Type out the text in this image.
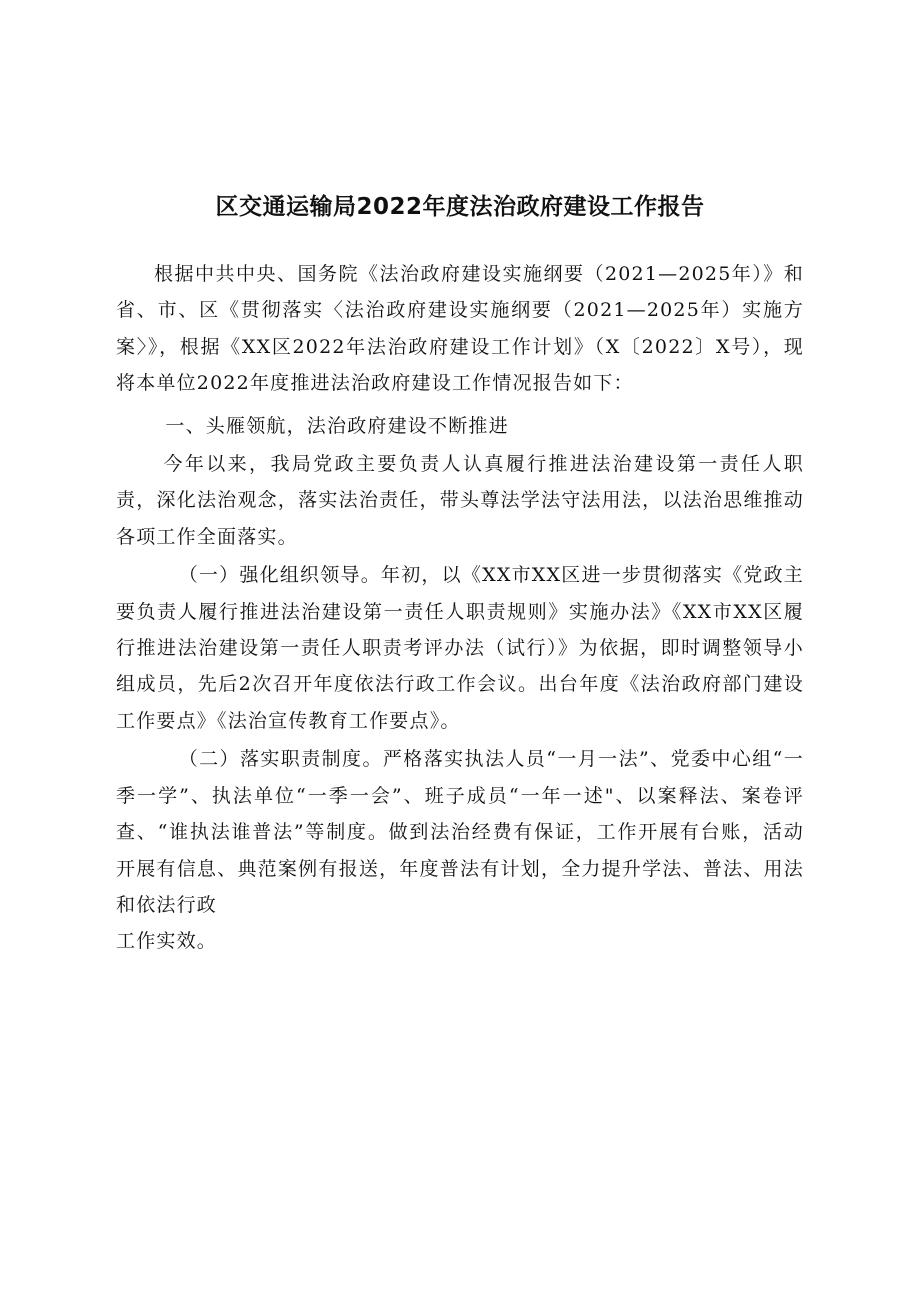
区交通运输局2022年度法治政府建设工作报告

根据中共中央、国务院《法治政府建设实施纲要（2021—2025年）》和省、市、区《贯彻落实〈法治政府建设实施纲要（2021—2025年）实施方案〉》，根据《XX区2022年法治政府建设工作计划》（X〔2022〕X号），现将本单位2022年度推进法治政府建设工作情况报告如下：

一、头雁领航，法治政府建设不断推进

今年以来，我局党政主要负责人认真履行推进法治建设第一责任人职责，深化法治观念，落实法治责任，带头尊法学法守法用法，以法治思维推动各项工作全面落实。

（一）强化组织领导。年初，以《XX市XX区进一步贯彻落实《党政主要负责人履行推进法治建设第一责任人职责规则》实施办法》《XX市XX区履行推进法治建设第一责任人职责考评办法（试行）》为依据，即时调整领导小组成员，先后2次召开年度依法行政工作会议。出台年度《法治政府部门建设工作要点》《法治宣传教育工作要点》。

（二）落实职责制度。严格落实执法人员“一月一法”、党委中心组“一季一学”、执法单位“一季一会”、班子成员“一年一述"、以案释法、案卷评查、“谁执法谁普法”等制度。做到法治经费有保证，工作开展有台账，活动开展有信息、典范案例有报送，年度普法有计划，全力提升学法、普法、用法和依法行政

工作实效。
